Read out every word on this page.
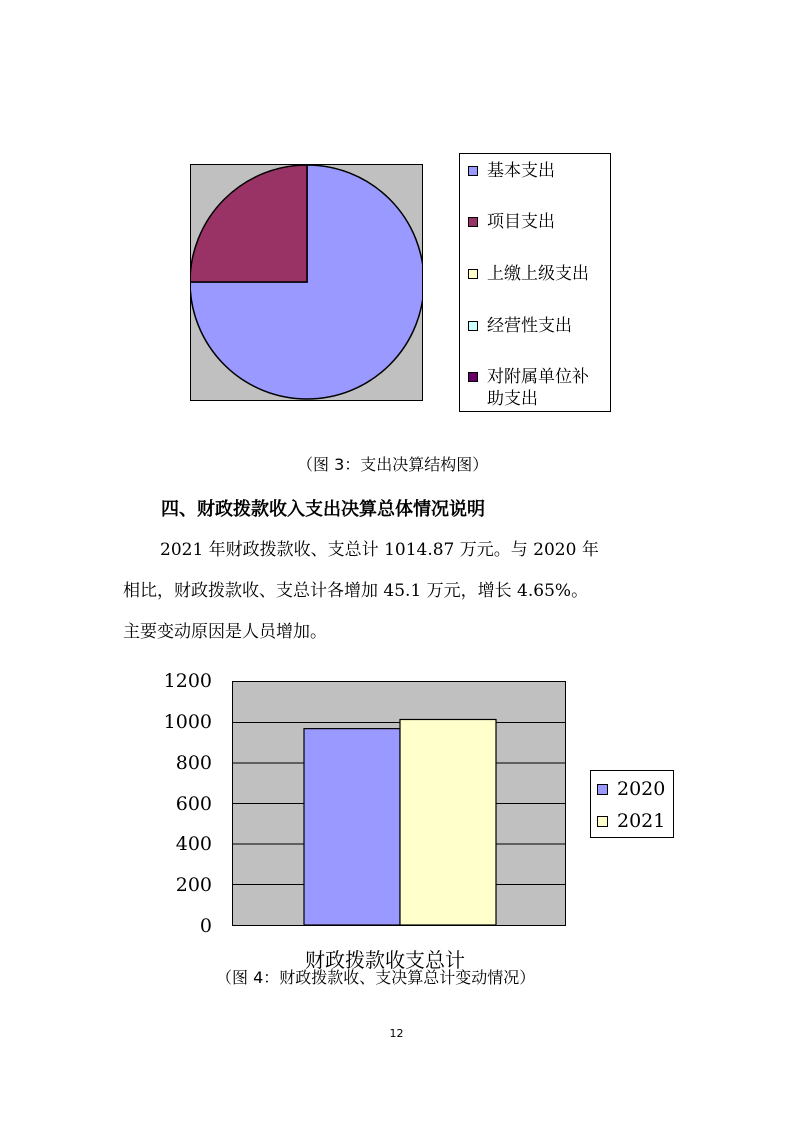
基本支出
项目支出
上缴上级支出
经营性支出
对附属单位补
助支出
（图 3：支出决算结构图）
四、财政拨款收入支出决算总体情况说明
2021 年财政拨款收、支总计 1014.87 万元。与 2020 年
相比，财政拨款收、支总计各增加 45.1 万元，增长 4.65%。
主要变动原因是人员增加。
0
200
400
600
800
1000
1200
2020
2021
财政拨款收支总计
（图 4：财政拨款收、支决算总计变动情况）
12
